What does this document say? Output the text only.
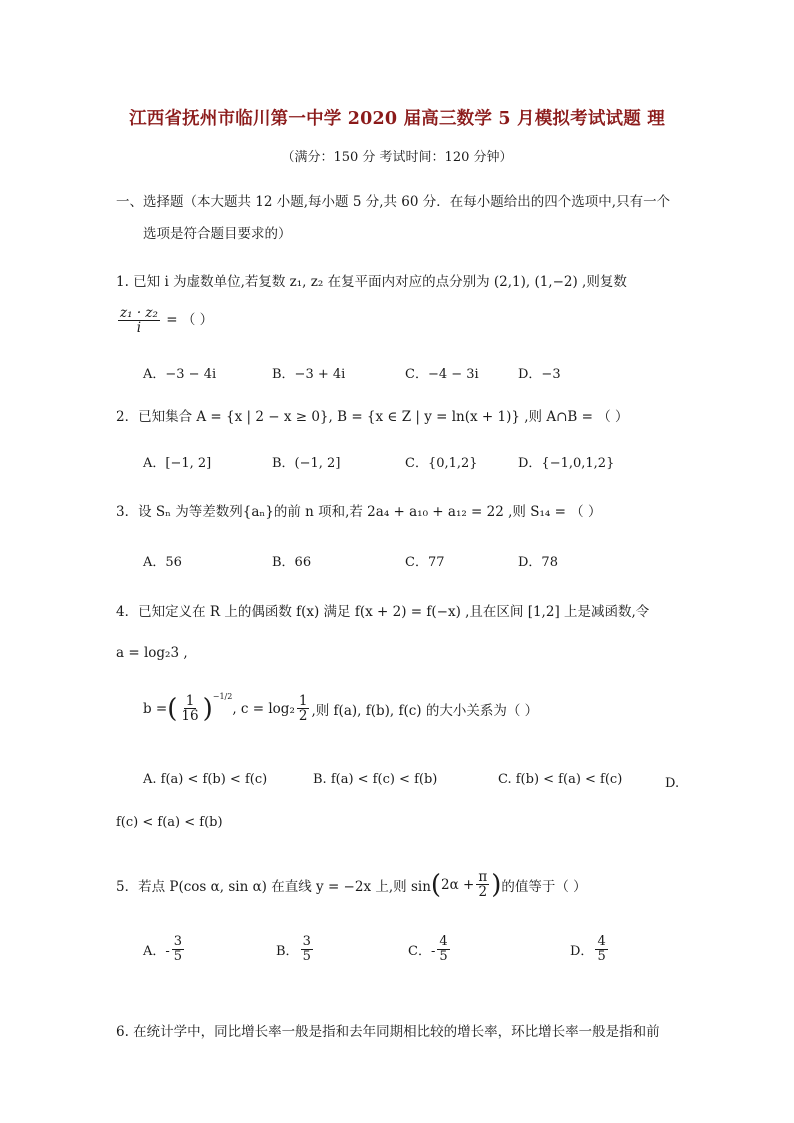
江西省抚州市临川第一中学 2020 届高三数学 5 月模拟考试试题 理
（满分：150 分 考试时间：120 分钟）
一、选择题（本大题共 12 小题,每小题 5 分,共 60 分．在每小题给出的四个选项中,只有一个
选项是符合题目要求的）
1. 已知 i 为虚数单位,若复数 z₁, z₂ 在复平面内对应的点分别为 (2,1), (1,−2) ,则复数
$\frac{\text{z₁ · z₂}}{i}$ = （ ）
A．−3 − 4i	B．−3 + 4i	C．−4 − 3i	D．−3
2．已知集合 A = {x | 2 − x ≥ 0}, B = {x ∈ Z | y = ln(x + 1)} ,则 A∩B = （ ）
A．[−1, 2]	B．(−1, 2]	C．{0,1,2}	D．{−1,0,1,2}
3．设 Sₙ 为等差数列{aₙ}的前 n 项和,若 2a₄ + a₁₀ + a₁₂ = 22 ,则 S₁₄ = （ ）
A．56	B．66	C．77	D．78
4．已知定义在 R 上的偶函数 f(x) 满足 f(x + 2) = f(−x) ,且在区间 [1,2] 上是减函数,令
a = log₂3 ,
b = ( $\frac{1}{16} )^{-1/2}$
, $c = \log_2 \frac{1}{2}$ ,则 f(a), f(b), f(c) 的大小关系为（ ）
A. f(a) < f(b) < f(c)	B. f(a) < f(c) < f(b)	C. f(b) < f(a) < f(c)	D.
f(c) < f(a) < f(b)
5．若点 P(cos α, sin α) 在直线 y = −2x 上,则 sin ( $2\alpha + \frac{\pi}{2}$ ) 的值等于（ ）
A．- $\frac{3}{5}$	B． $\frac{3}{5}$	C．- $\frac{4}{5}$	D． $\frac{4}{5}$
6. 在统计学中，同比增长率一般是指和去年同期相比较的增长率，环比增长率一般是指和前
